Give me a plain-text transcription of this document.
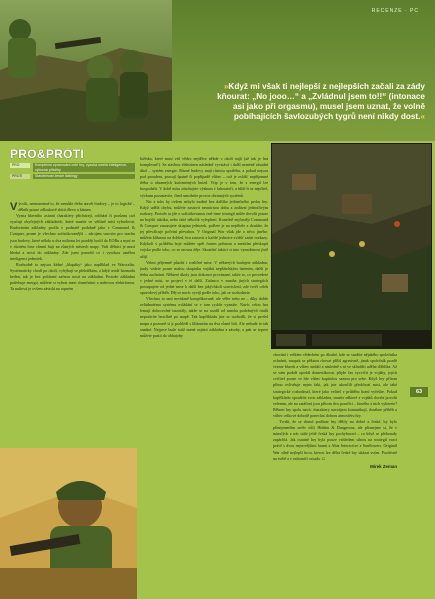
RECENZE · PC
»Když mi však ti nejlepší z nejlepších začali za zády kňourat: „No jooo…“ a „Zvládnul jsem to!!“ (intonace asi jako při orgasmu), musel jsem uznat, že volně pobíhajících šavlozubých tygrů není nikdy dost.«
PRO&PROTI
PRO	Komplexní zpracování celé hry, vysoká umělá inteligence, výborná příběhy
PROTI	Stavitelnost české dabingy

Výcvik, nezmarnená to, že nemůže třeba stavět budovy – je to logické – dělník pouze zdlouhavě sbírá dřevo a kámen.

Vyzna hlavního ostatní charaktery přicházejí, odchází či porůznu cizí vyučují obyčejných základních, které musíte ve většině mísí vybudovat. Budováním základny prošla v podstatě podobně jako v Command & Conquer, pouze je všechno sofistikovanější – zdrojem surovin pro stavbu jsou budovy, které někdo u dva milionu let později hodil do EORu a nyní se v různém čase chmní huji na různých místech mapy. Vaši dělníci je musí hledat a nosit do základny. Zde jsem pomohl co i vysokou umělou inteligenci jednotek.

Rozhodně to nejsou žádné „hlupáky“ jako například ve Warcraftu. Systematicky chodí po okolí, vyhýbají se překážkám, a když uvidí hromadu beden, tak je bez pobízení začnou nosit na základnu. Protože základnu potřebuje energii, můžete si vybrat mezi slunečními a naftovou elektrárnou. Ta naftová je ovšem závislá na ropném

ložisku, které musí váš vědec nejdříve někde v okolí najít (až tak je hra komplexní!). Se stavbou elektráren následně vyvstává i další neméně zásadní úkol – systém energie. Různé budovy mají různou spotřebu, a pokud nejsou pod proudem, pracují špatně či popřípadě vůbec – což je zvlášť nepříjemné třeba u obranných kulometných hnízd. Vtip je v tom, že s energií lze hospodařit. V době míru zásobujete výzkum v laboratoři, a blíží-li se nepřítel, výzkum pozastavíte, čímž umožníte provoz obranných systémů.

Nic z toho by ovšem nebylo možné bez dalšího jedinečného prvku hry. Když udělá chybu, můžete zastavit nesmírnou dobu a zadávat jednotlivým rozkazy. Protože tu jde o sofistikovanou real-time strategii může dovolit pouze na bojišti taktiku, nebo také několik vylepšení. Konečně nejčastěji Command & Conquer zasazujete skupinu jednotek, pošlete je na nepřítele a doufáte, že jej převálcuje početní převahou. V Original War však jde o něco jiného: můžete kliknout na dohled, hru zastavit a každé jednotce zvlášť zadat rozkazy. Kdykoli v průběhu boje můžete opět časem pohnout a mezitím přeskupit vojsko podle toho, co se zrovna děje. Skuteční taktici si tuto vymoženost jistě užijí.

Velmi příjemně působí i rozličné mise. V některých budujete základnu, jindy vedete pouze malou skupinku vojáků nepřátelským územím, další je třeba zachránit. Některé úkoly jsou dokonce provázané, takže to, co provedete v jedné misi, se projeví v té další. Zatímco v mnoha jiných strategiích postupujete od jedné mise k další bez jakýchkoli souvislostí, zde tvoří celek opravdový příběh. Děj se navíc vyvíjí podle toho, jak se rozhodnete.

Všechno to umí nevídaně komplikovaně, ale věřte nebo ne – díky dobře zvládnutému systému ovládání se v tom rychle vyznáte. Navíc celou hru lemují dobrovolné tutoriály, takže se na rozdíl od mnoha podobných titulů nepotácíte bezcílně po mapě. Tak kupříkladu jste se rozhodli, že si prošel mapu a pozorně si ji prohlédl s kliknutím na dva různé lidi. Ale nebude to tak snadné. Nejprve bude totiž nutné zajistit základnu a zásoby, a pak se teprve můžete pustit do obhajoby.

chování i velkém vědeckém po dlouhé, kde se snažíte nějakého společníka ochránit, naopak se pěknou chovat příliš agresivně, jinak společník pozdě vezme blacek a vůbec umlátí a následně s ní ve skladišti udělat ďáblíka. Až se vám podaří opodál domestikovat, přijde čas vycvičit je vojáky, jejich cvičitel pouze ve hře vůbec kapitolou samou pro sebe. Když hry přítom přímo ovlivňuje nejen fakt, jak jste ukončili předchozí misi, ale také strategické rozhodnutí, které jako velitel v průběhu hraní vyřešíte. Pokud kupříkladu opouštíte svou základnu, musíte některé z vojáků docela povolit velenim, ale na zatáčení jsou přitom dva poručíci – kterého z nich vyberete? Během hry spolu navíc charaktery navzájem komunikují, dosáhne příběh a vůbec celkové dohodě ponechat dobrou atmosféru hry.

Tvrdit, že se dosud podítate hry dělily na dobré a české, by bylo přinejmenším nefér vůči Hidden & Dangerous, ale přiznejme si, že v minulých z nás stále ještě česká hry pochybností – co když se překonaly zapáchlá. Jak ostatně hry byla pouze vzhledem silnou na strategií vrací právě s dvou nejnovějšími hrami z Altar Interactive a Sunflowers. Originál War silně nejlepší hrou, kterou lze dělat české hry ukázat svým. Pozitivně na světě a v zahraničí ostudu. ☐

Mirek Zeman
63
